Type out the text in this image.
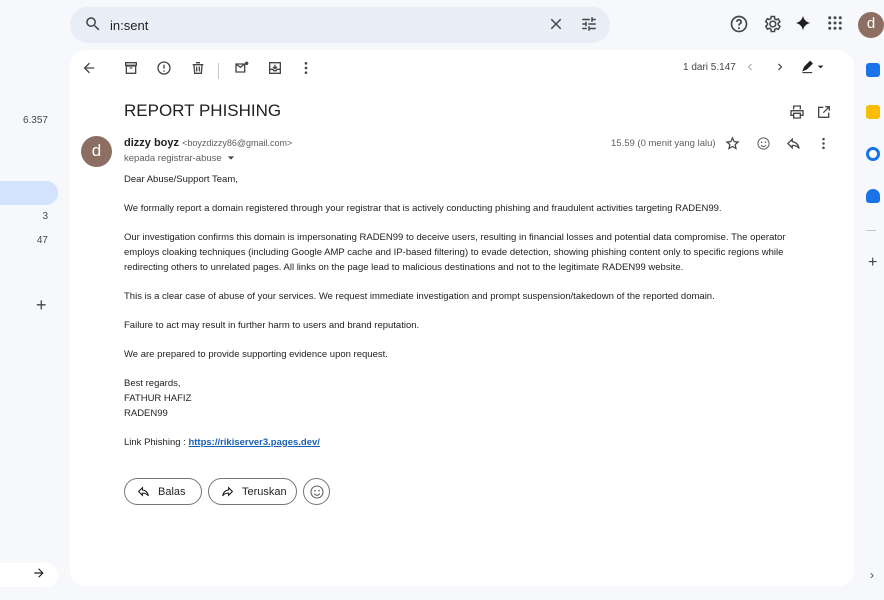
6.357
3
47
+
in:sent
d
+
›
1 dari 5.147
REPORT PHISHING
d	dizzy boyz <boyzdizzy86@gmail.com>
kepada registrar-abuse
15.59 (0 menit yang lalu)

Dear Abuse/Support Team,

We formally report a domain registered through your registrar that is actively conducting phishing and fraudulent activities targeting RADEN99.

Our investigation confirms this domain is impersonating RADEN99 to deceive users, resulting in financial losses and potential data compromise. The operator employs cloaking techniques (including Google AMP cache and IP-based filtering) to evade detection, showing phishing content only to specific regions while redirecting others to unrelated pages. All links on the page lead to malicious destinations and not to the legitimate RADEN99 website.

This is a clear case of abuse of your services. We request immediate investigation and prompt suspension/takedown of the reported domain.

Failure to act may result in further harm to users and brand reputation.

We are prepared to provide supporting evidence upon request.

Best regards,

FATHUR HAFIZ

RADEN99

Link Phishing : https://rikiserver3.pages.dev/

Balas	Teruskan
